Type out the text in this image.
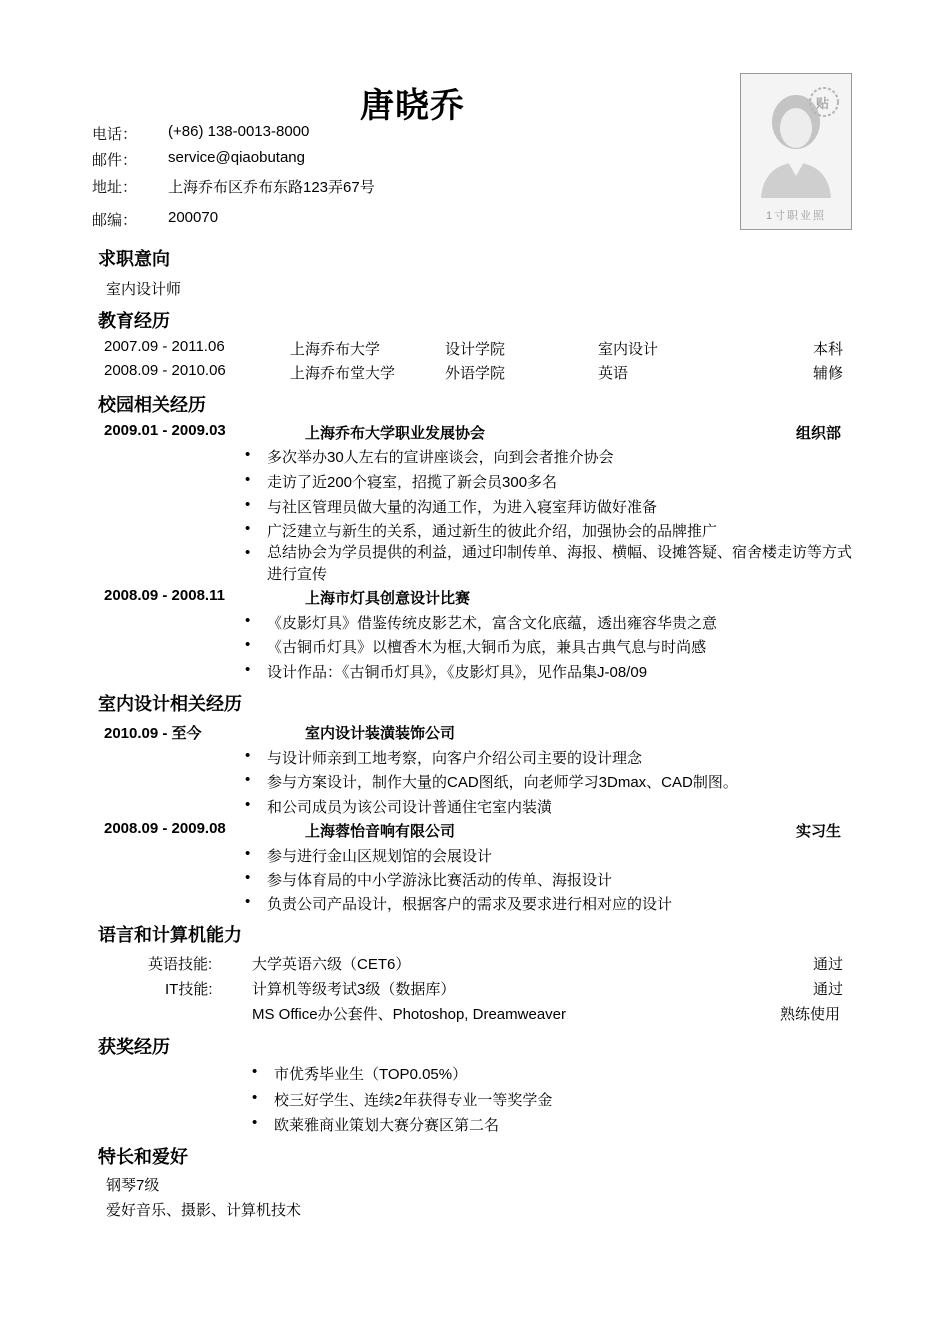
唐晓乔
电话： (+86) 138-0013-8000
邮件： service@qiaobutang
地址： 上海乔布区乔布东路123弄67号
邮编： 200070
贴
1寸职业照
求职意向
室内设计师
教育经历
2007.09 - 2011.06	上海乔布大学	设计学院	室内设计	本科
2008.09 - 2010.06	上海乔布堂大学	外语学院	英语	辅修
校园相关经历
2009.01 - 2009.03	上海乔布大学职业发展协会	组织部
• 多次举办30人左右的宣讲座谈会，向到会者推介协会
• 走访了近200个寝室，招揽了新会员300多名
• 与社区管理员做大量的沟通工作，为进入寝室拜访做好准备
• 广泛建立与新生的关系，通过新生的彼此介绍，加强协会的品牌推广
• 总结协会为学员提供的利益，通过印制传单、海报、横幅、设摊答疑、宿舍楼走访等方式进行宣传
2008.09 - 2008.11	上海市灯具创意设计比赛
• 《皮影灯具》借鉴传统皮影艺术，富含文化底蕴，透出雍容华贵之意
• 《古铜币灯具》以檀香木为框,大铜币为底，兼具古典气息与时尚感
• 设计作品：《古铜币灯具》，《皮影灯具》，见作品集J-08/09
室内设计相关经历
2010.09 - 至今	室内设计装潢装饰公司
• 与设计师亲到工地考察，向客户介绍公司主要的设计理念
• 参与方案设计，制作大量的CAD图纸，向老师学习3Dmax、CAD制图。
• 和公司成员为该公司设计普通住宅室内装潢
2008.09 - 2009.08	上海蓉怡音响有限公司	实习生
• 参与进行金山区规划馆的会展设计
• 参与体育局的中小学游泳比赛活动的传单、海报设计
• 负责公司产品设计，根据客户的需求及要求进行相对应的设计
语言和计算机能力
英语技能:	大学英语六级（CET6）	通过
IT技能:	计算机等级考试3级（数据库）	通过
MS Office办公套件、Photoshop, Dreamweaver	熟练使用
获奖经历
• 市优秀毕业生（TOP0.05%）
• 校三好学生、连续2年获得专业一等奖学金
• 欧莱雅商业策划大赛分赛区第二名
特长和爱好
钢琴7级
爱好音乐、摄影、计算机技术
